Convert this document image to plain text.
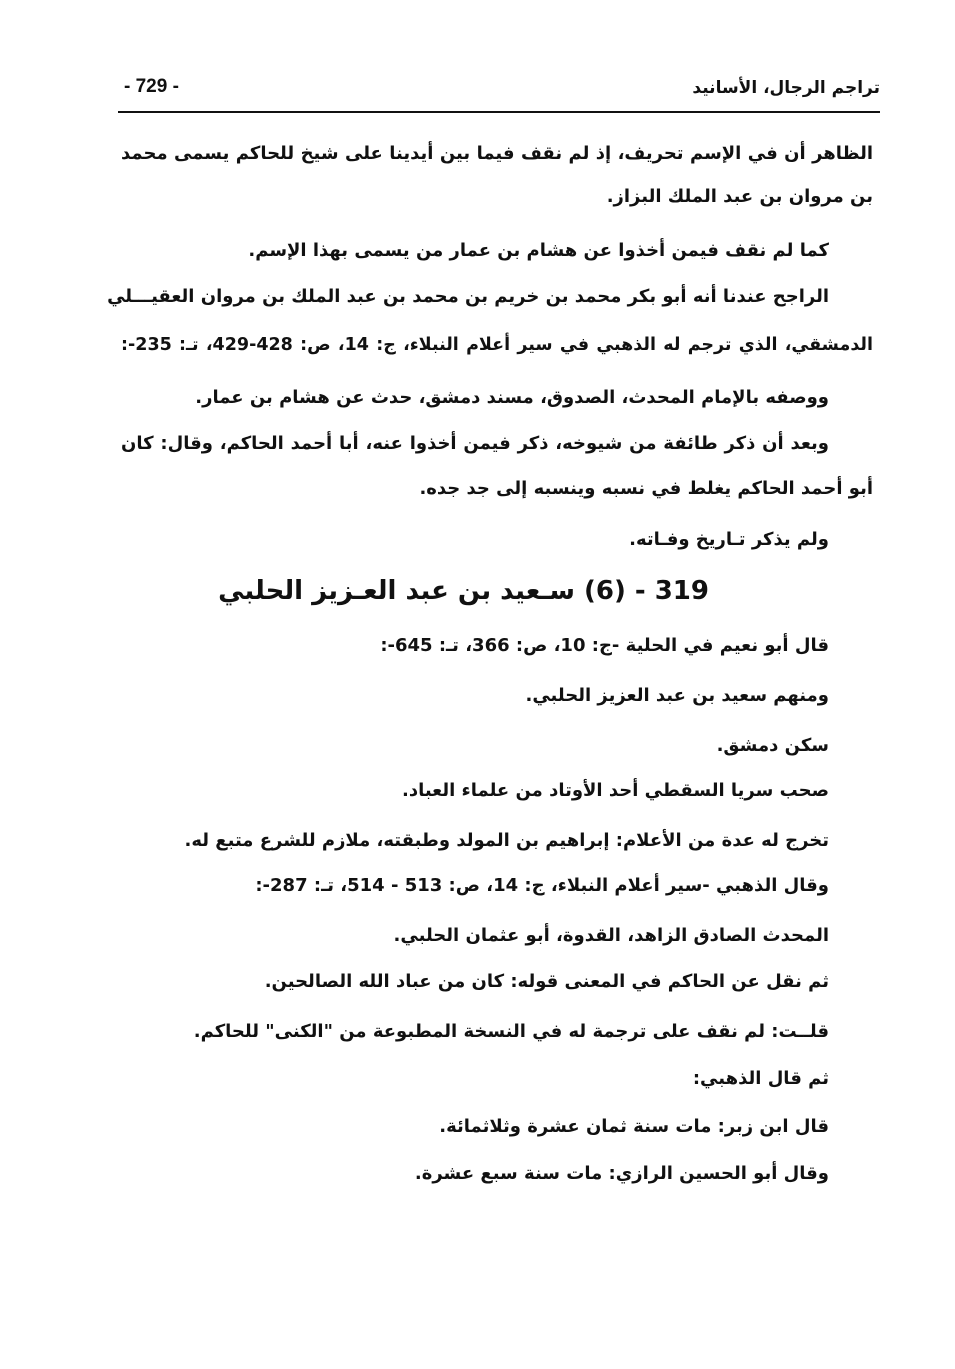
تراجم الرجال، الأسانيد
- 729 -

الظاهر أن في الإسم تحريف، إذ لم نقف فيما بين أيدينا على شيخ للحاكم يسمى محمد

بن مروان بن عبد الملك البزاز.

كما لم نقف فيمن أخذوا عن هشام بن عمار من يسمى بهذا الإسم.

الراجح عندنا أنه أبو بكر محمد بن خريم بن محمد بن عبد الملك بن مروان العقيـــلي

الدمشقي، الذي ترجم له الذهبي في سير أعلام النبلاء، ج: 14، ص: 428-429، تـ: 235-:

ووصفه بالإمام المحدث، الصدوق، مسند دمشق، حدث عن هشام بن عمار.

وبعد أن ذكر طائفة من شيوخه، ذكر فيمن أخذوا عنه، أبا أحمد الحاكم، وقال: كان

أبو أحمد الحاكم يغلط في نسبه وينسبه إلى جد جده.

ولم يذكر تـاريخ وفـاته.

319 - (6) سـعيد بن عبد العـزيز الحلبي

قال أبو نعيم في الحلية -ج: 10، ص: 366، تـ: 645-:

ومنهم سعيد بن عبد العزيز الحلبي.

سكن دمشق.

صحب سريا السقطي أحد الأوتاد من علماء العباد.

تخرج له عدة من الأعلام: إبراهيم بن المولد وطبقته، ملازم للشرع متبع له.

وقال الذهبي -سير أعلام النبلاء، ج: 14، ص: 513 - 514، تـ: 287-:

المحدث الصادق الزاهد، القدوة، أبو عثمان الحلبي.

ثم نقل عن الحاكم في المعنى قوله: كان من عباد الله الصالحين.

قلــت: لم نقف على ترجمة له في النسخة المطبوعة من "الكنى" للحاكم.

ثم قال الذهبي:

قال ابن زبر: مات سنة ثمان عشرة وثلاثمائة.

وقال أبو الحسين الرازي: مات سنة سبع عشرة.
